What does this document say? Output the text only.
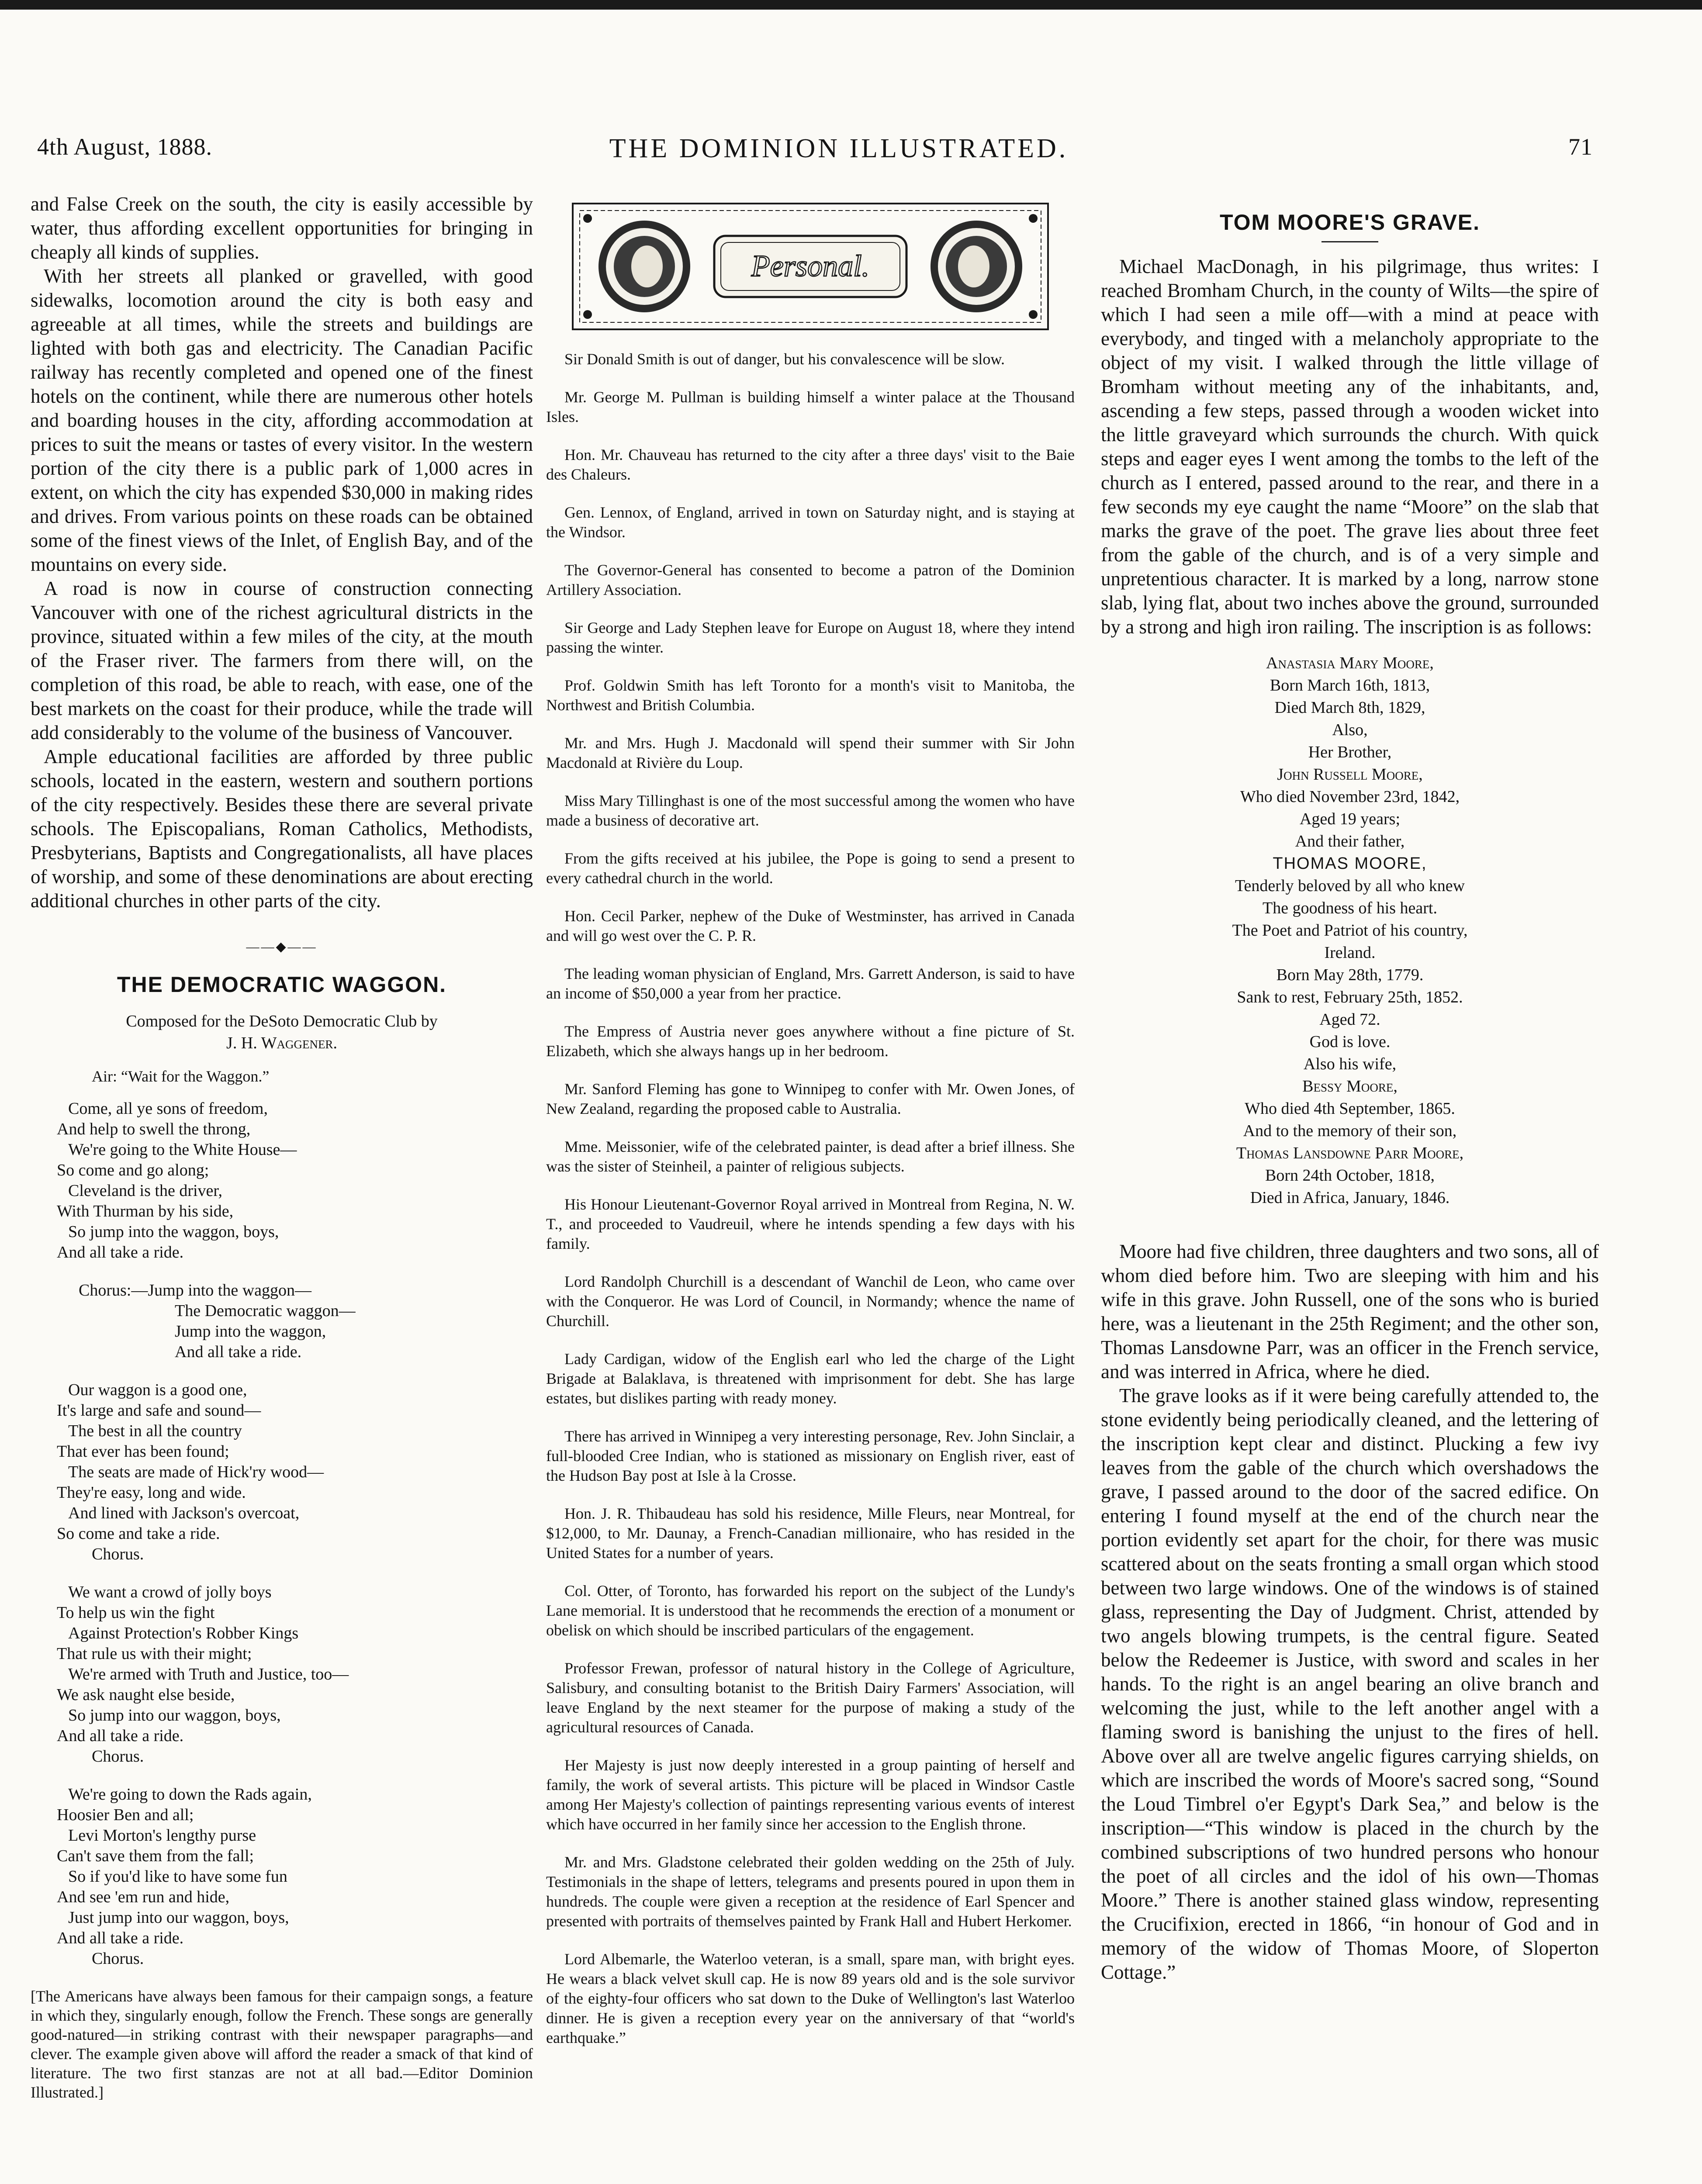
4th August, 1888.	THE DOMINION ILLUSTRATED.	71

and False Creek on the south, the city is easily accessible by water, thus affording excellent opportunities for bringing in cheaply all kinds of supplies.

With her streets all planked or gravelled, with good sidewalks, locomotion around the city is both easy and agreeable at all times, while the streets and buildings are lighted with both gas and electricity. The Canadian Pacific railway has recently completed and opened one of the finest hotels on the continent, while there are numerous other hotels and boarding houses in the city, affording accommodation at prices to suit the means or tastes of every visitor. In the western portion of the city there is a public park of 1,000 acres in extent, on which the city has expended $30,000 in making rides and drives. From various points on these roads can be obtained some of the finest views of the Inlet, of English Bay, and of the mountains on every side.

A road is now in course of construction connecting Vancouver with one of the richest agricultural districts in the province, situated within a few miles of the city, at the mouth of the Fraser river. The farmers from there will, on the completion of this road, be able to reach, with ease, one of the best markets on the coast for their produce, while the trade will add considerably to the volume of the business of Vancouver.

Ample educational facilities are afforded by three public schools, located in the eastern, western and southern portions of the city respectively. Besides these there are several private schools. The Episcopalians, Roman Catholics, Methodists, Presbyterians, Baptists and Congregationalists, all have places of worship, and some of these denominations are about erecting additional churches in other parts of the city.

——◆——
THE DEMOCRATIC WAGGON.
Composed for the DeSoto Democratic Club by
J. H. Waggener.
Air: “Wait for the Waggon.”
Come, all ye sons of freedom,
And help to swell the throng,
We're going to the White House—
So come and go along;
Cleveland is the driver,
With Thurman by his side,
So jump into the waggon, boys,
And all take a ride.
Chorus:—Jump into the waggon—
The Democratic waggon—
Jump into the waggon,
And all take a ride.
Our waggon is a good one,
It's large and safe and sound—
The best in all the country
That ever has been found;
The seats are made of Hick'ry wood—
They're easy, long and wide.
And lined with Jackson's overcoat,
So come and take a ride.
Chorus.
We want a crowd of jolly boys
To help us win the fight
Against Protection's Robber Kings
That rule us with their might;
We're armed with Truth and Justice, too—
We ask naught else beside,
So jump into our waggon, boys,
And all take a ride.
Chorus.
We're going to down the Rads again,
Hoosier Ben and all;
Levi Morton's lengthy purse
Can't save them from the fall;
So if you'd like to have some fun
And see 'em run and hide,
Just jump into our waggon, boys,
And all take a ride.
Chorus.

[The Americans have always been famous for their campaign songs, a feature in which they, singularly enough, follow the French. These songs are generally good-natured—in striking contrast with their newspaper paragraphs—and clever. The example given above will afford the reader a smack of that kind of literature. The two first stanzas are not at all bad.—Editor Dominion Illustrated.]

Personal.

Sir Donald Smith is out of danger, but his convalescence will be slow.

Mr. George M. Pullman is building himself a winter palace at the Thousand Isles.

Hon. Mr. Chauveau has returned to the city after a three days' visit to the Baie des Chaleurs.

Gen. Lennox, of England, arrived in town on Saturday night, and is staying at the Windsor.

The Governor-General has consented to become a patron of the Dominion Artillery Association.

Sir George and Lady Stephen leave for Europe on August 18, where they intend passing the winter.

Prof. Goldwin Smith has left Toronto for a month's visit to Manitoba, the Northwest and British Columbia.

Mr. and Mrs. Hugh J. Macdonald will spend their summer with Sir John Macdonald at Rivière du Loup.

Miss Mary Tillinghast is one of the most successful among the women who have made a business of decorative art.

From the gifts received at his jubilee, the Pope is going to send a present to every cathedral church in the world.

Hon. Cecil Parker, nephew of the Duke of Westminster, has arrived in Canada and will go west over the C. P. R.

The leading woman physician of England, Mrs. Garrett Anderson, is said to have an income of $50,000 a year from her practice.

The Empress of Austria never goes anywhere without a fine picture of St. Elizabeth, which she always hangs up in her bedroom.

Mr. Sanford Fleming has gone to Winnipeg to confer with Mr. Owen Jones, of New Zealand, regarding the proposed cable to Australia.

Mme. Meissonier, wife of the celebrated painter, is dead after a brief illness. She was the sister of Steinheil, a painter of religious subjects.

His Honour Lieutenant-Governor Royal arrived in Montreal from Regina, N. W. T., and proceeded to Vaudreuil, where he intends spending a few days with his family.

Lord Randolph Churchill is a descendant of Wanchil de Leon, who came over with the Conqueror. He was Lord of Council, in Normandy; whence the name of Churchill.

Lady Cardigan, widow of the English earl who led the charge of the Light Brigade at Balaklava, is threatened with imprisonment for debt. She has large estates, but dislikes parting with ready money.

There has arrived in Winnipeg a very interesting personage, Rev. John Sinclair, a full-blooded Cree Indian, who is stationed as missionary on English river, east of the Hudson Bay post at Isle à la Crosse.

Hon. J. R. Thibaudeau has sold his residence, Mille Fleurs, near Montreal, for $12,000, to Mr. Daunay, a French-Canadian millionaire, who has resided in the United States for a number of years.

Col. Otter, of Toronto, has forwarded his report on the subject of the Lundy's Lane memorial. It is understood that he recommends the erection of a monument or obelisk on which should be inscribed particulars of the engagement.

Professor Frewan, professor of natural history in the College of Agriculture, Salisbury, and consulting botanist to the British Dairy Farmers' Association, will leave England by the next steamer for the purpose of making a study of the agricultural resources of Canada.

Her Majesty is just now deeply interested in a group painting of herself and family, the work of several artists. This picture will be placed in Windsor Castle among Her Majesty's collection of paintings representing various events of interest which have occurred in her family since her accession to the English throne.

Mr. and Mrs. Gladstone celebrated their golden wedding on the 25th of July. Testimonials in the shape of letters, telegrams and presents poured in upon them in hundreds. The couple were given a reception at the residence of Earl Spencer and presented with portraits of themselves painted by Frank Hall and Hubert Herkomer.

Lord Albemarle, the Waterloo veteran, is a small, spare man, with bright eyes. He wears a black velvet skull cap. He is now 89 years old and is the sole survivor of the eighty-four officers who sat down to the Duke of Wellington's last Waterloo dinner. He is given a reception every year on the anniversary of that “world's earthquake.”

TOM MOORE'S GRAVE.

Michael MacDonagh, in his pilgrimage, thus writes: I reached Bromham Church, in the county of Wilts—the spire of which I had seen a mile off—with a mind at peace with everybody, and tinged with a melancholy appropriate to the object of my visit. I walked through the little village of Bromham without meeting any of the inhabitants, and, ascending a few steps, passed through a wooden wicket into the little graveyard which surrounds the church. With quick steps and eager eyes I went among the tombs to the left of the church as I entered, passed around to the rear, and there in a few seconds my eye caught the name “Moore” on the slab that marks the grave of the poet. The grave lies about three feet from the gable of the church, and is of a very simple and unpretentious character. It is marked by a long, narrow stone slab, lying flat, about two inches above the ground, surrounded by a strong and high iron railing. The inscription is as follows:

Anastasia Mary Moore,
Born March 16th, 1813,
Died March 8th, 1829,
Also,
Her Brother,
John Russell Moore,
Who died November 23rd, 1842,
Aged 19 years;
And their father,
THOMAS MOORE,
Tenderly beloved by all who knew
The goodness of his heart.
The Poet and Patriot of his country,
Ireland.
Born May 28th, 1779.
Sank to rest, February 25th, 1852.
Aged 72.
God is love.
Also his wife,
Bessy Moore,
Who died 4th September, 1865.
And to the memory of their son,
Thomas Lansdowne Parr Moore,
Born 24th October, 1818,
Died in Africa, January, 1846.

Moore had five children, three daughters and two sons, all of whom died before him. Two are sleeping with him and his wife in this grave. John Russell, one of the sons who is buried here, was a lieutenant in the 25th Regiment; and the other son, Thomas Lansdowne Parr, was an officer in the French service, and was interred in Africa, where he died.

The grave looks as if it were being carefully attended to, the stone evidently being periodically cleaned, and the lettering of the inscription kept clear and distinct. Plucking a few ivy leaves from the gable of the church which overshadows the grave, I passed around to the door of the sacred edifice. On entering I found myself at the end of the church near the portion evidently set apart for the choir, for there was music scattered about on the seats fronting a small organ which stood between two large windows. One of the windows is of stained glass, representing the Day of Judgment. Christ, attended by two angels blowing trumpets, is the central figure. Seated below the Redeemer is Justice, with sword and scales in her hands. To the right is an angel bearing an olive branch and welcoming the just, while to the left another angel with a flaming sword is banishing the unjust to the fires of hell. Above over all are twelve angelic figures carrying shields, on which are inscribed the words of Moore's sacred song, “Sound the Loud Timbrel o'er Egypt's Dark Sea,” and below is the inscription—“This window is placed in the church by the combined subscriptions of two hundred persons who honour the poet of all circles and the idol of his own—Thomas Moore.” There is another stained glass window, representing the Crucifixion, erected in 1866, “in honour of God and in memory of the widow of Thomas Moore, of Sloperton Cottage.”
